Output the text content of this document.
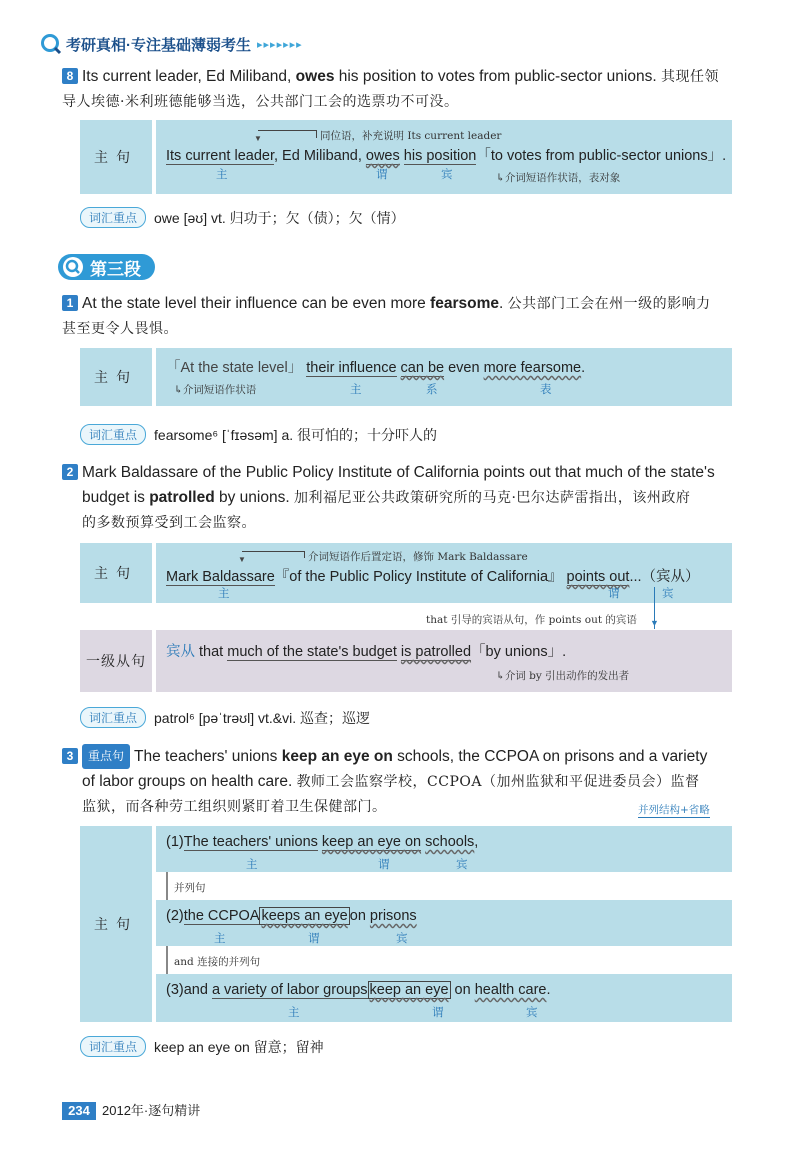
考研真相·专注基础薄弱考生 ▸▸▸▸▸▸▸
8 Its current leader, Ed Miliband, owes his position to votes from public-sector unions. 其现任领
导人埃德·米利班德能够当选，公共部门工会的选票功不可没。
主句
▼	同位语，补充说明 Its current leader
Its current leader, Ed Miliband, owes his position「to votes from public-sector unions」.
主	谓	宾	↳介词短语作状语，表对象
词汇重点	owe [əʊ] vt. 归功于；欠（债）；欠（情）
第三段
1 At the state level their influence can be even more fearsome. 公共部门工会在州一级的影响力
甚至更令人畏惧。
主句
「At the state level」 their influence can be even more fearsome.
↳介词短语作状语	主	系	表
词汇重点	fearsome⁶ [ˈfɪəsəm] a. 很可怕的；十分吓人的
2 Mark Baldassare of the Public Policy Institute of California points out that much of the state's
budget is patrolled by unions. 加利福尼亚公共政策研究所的马克·巴尔达萨雷指出，该州政府
的多数预算受到工会监察。
主句
▼	介词短语作后置定语，修饰 Mark Baldassare
Mark Baldassare『of the Public Policy Institute of California』 points out...（宾从）
主	谓	宾
that 引导的宾语从句，作 points out 的宾语 ▼
一级从句
宾从 that much of the state's budget is patrolled「by unions」.
↳介词 by 引出动作的发出者
词汇重点	patrol⁶ [pəˈtrəʊl] vt.&vi. 巡查；巡逻
3 重点句 The teachers' unions keep an eye on schools, the CCPOA on prisons and a variety
of labor groups on health care. 教师工会监察学校，CCPOA（加州监狱和平促进委员会）监督
监狱，而各种劳工组织则紧盯着卫生保健部门。	并列结构+省略
主句
(1)The teachers' unions keep an eye on schools,
主	谓	宾
并列句
(2)the CCPOA keeps an eye on prisons
主	谓	宾
and 连接的并列句
(3)and a variety of labor groups keep an eye on health care.
主	谓	宾
词汇重点	keep an eye on 留意；留神
234 2012年·逐句精讲
